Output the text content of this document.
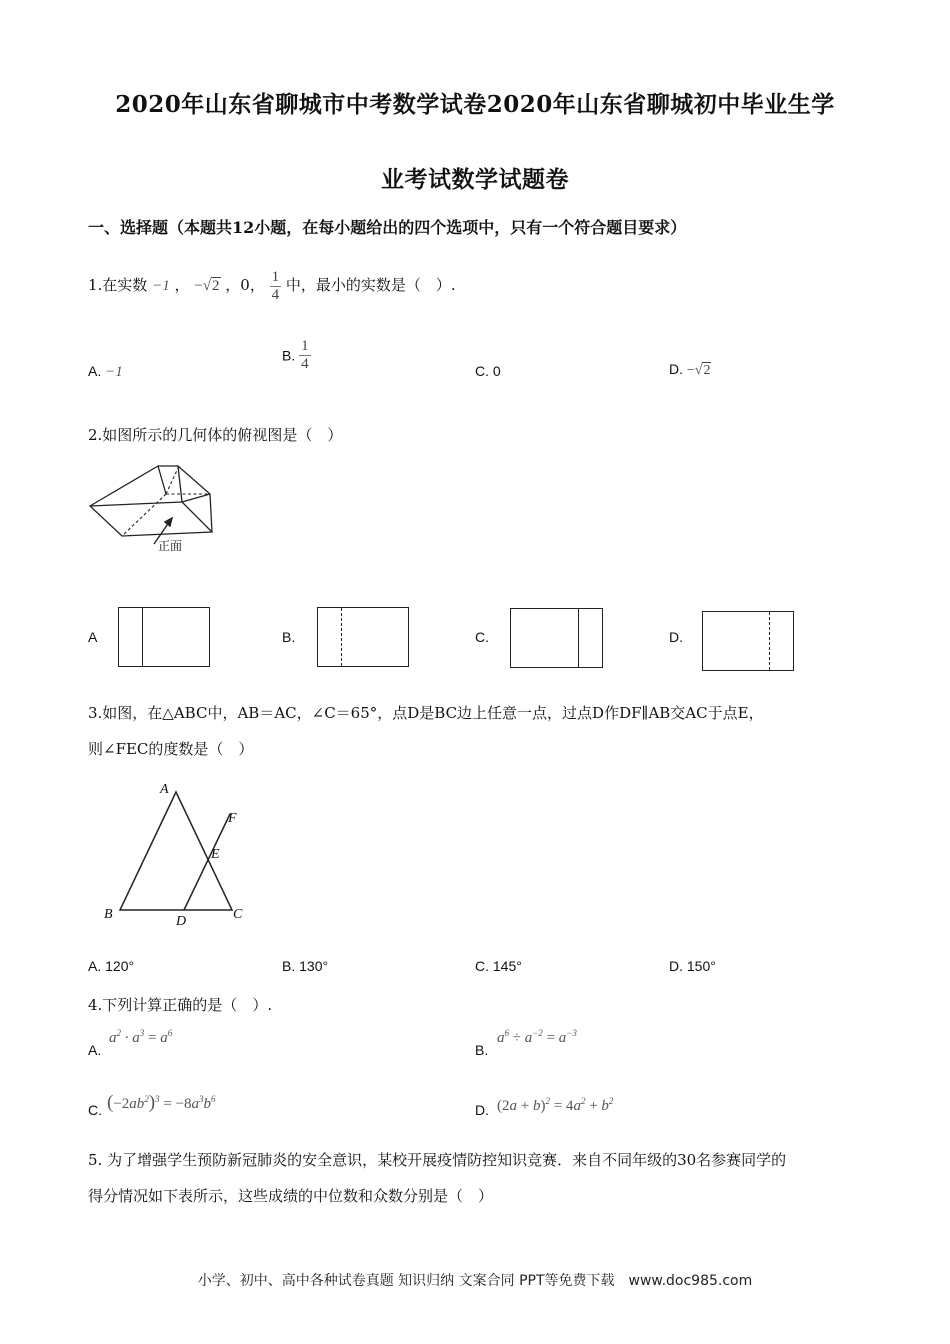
2020年山东省聊城市中考数学试卷2020年山东省聊城初中毕业生学
业考试数学试题卷
一、选择题（本题共12小题，在每小题给出的四个选项中，只有一个符合题目要求）
1.在实数 −1 ， −√2 ，0， $\frac{1}{4}$ 中，最小的实数是（　）.
A. −1
B. $\frac{1}{4}$	C. 0	D. −√2
2.如图所示的几何体的俯视图是（　）
正面
A	B.	C.	D.
3.如图，在△ABC中，AB＝AC，∠C＝65°，点D是BC边上任意一点，过点D作DF∥AB交AC于点E，
则∠FEC的度数是（　）
A
B	C
D
E
F
A. 120°	B. 130°	C. 145°	D. 150°
4.下列计算正确的是（　）.
A.
$a^2 \cdot a^3 = a^6$
B.
$a^6 \div a^{-2} = a^{-3}$
C. $(-2ab^2)^3 = -8a^3b^6$
D. $(2a + b)^2 = 4a^2 + b^2$
5. 为了增强学生预防新冠肺炎的安全意识，某校开展疫情防控知识竞赛．来自不同年级的30名参赛同学的
得分情况如下表所示，这些成绩的中位数和众数分别是（　）
小学、初中、高中各种试卷真题 知识归纳 文案合同 PPT等免费下载　www.doc985.com
